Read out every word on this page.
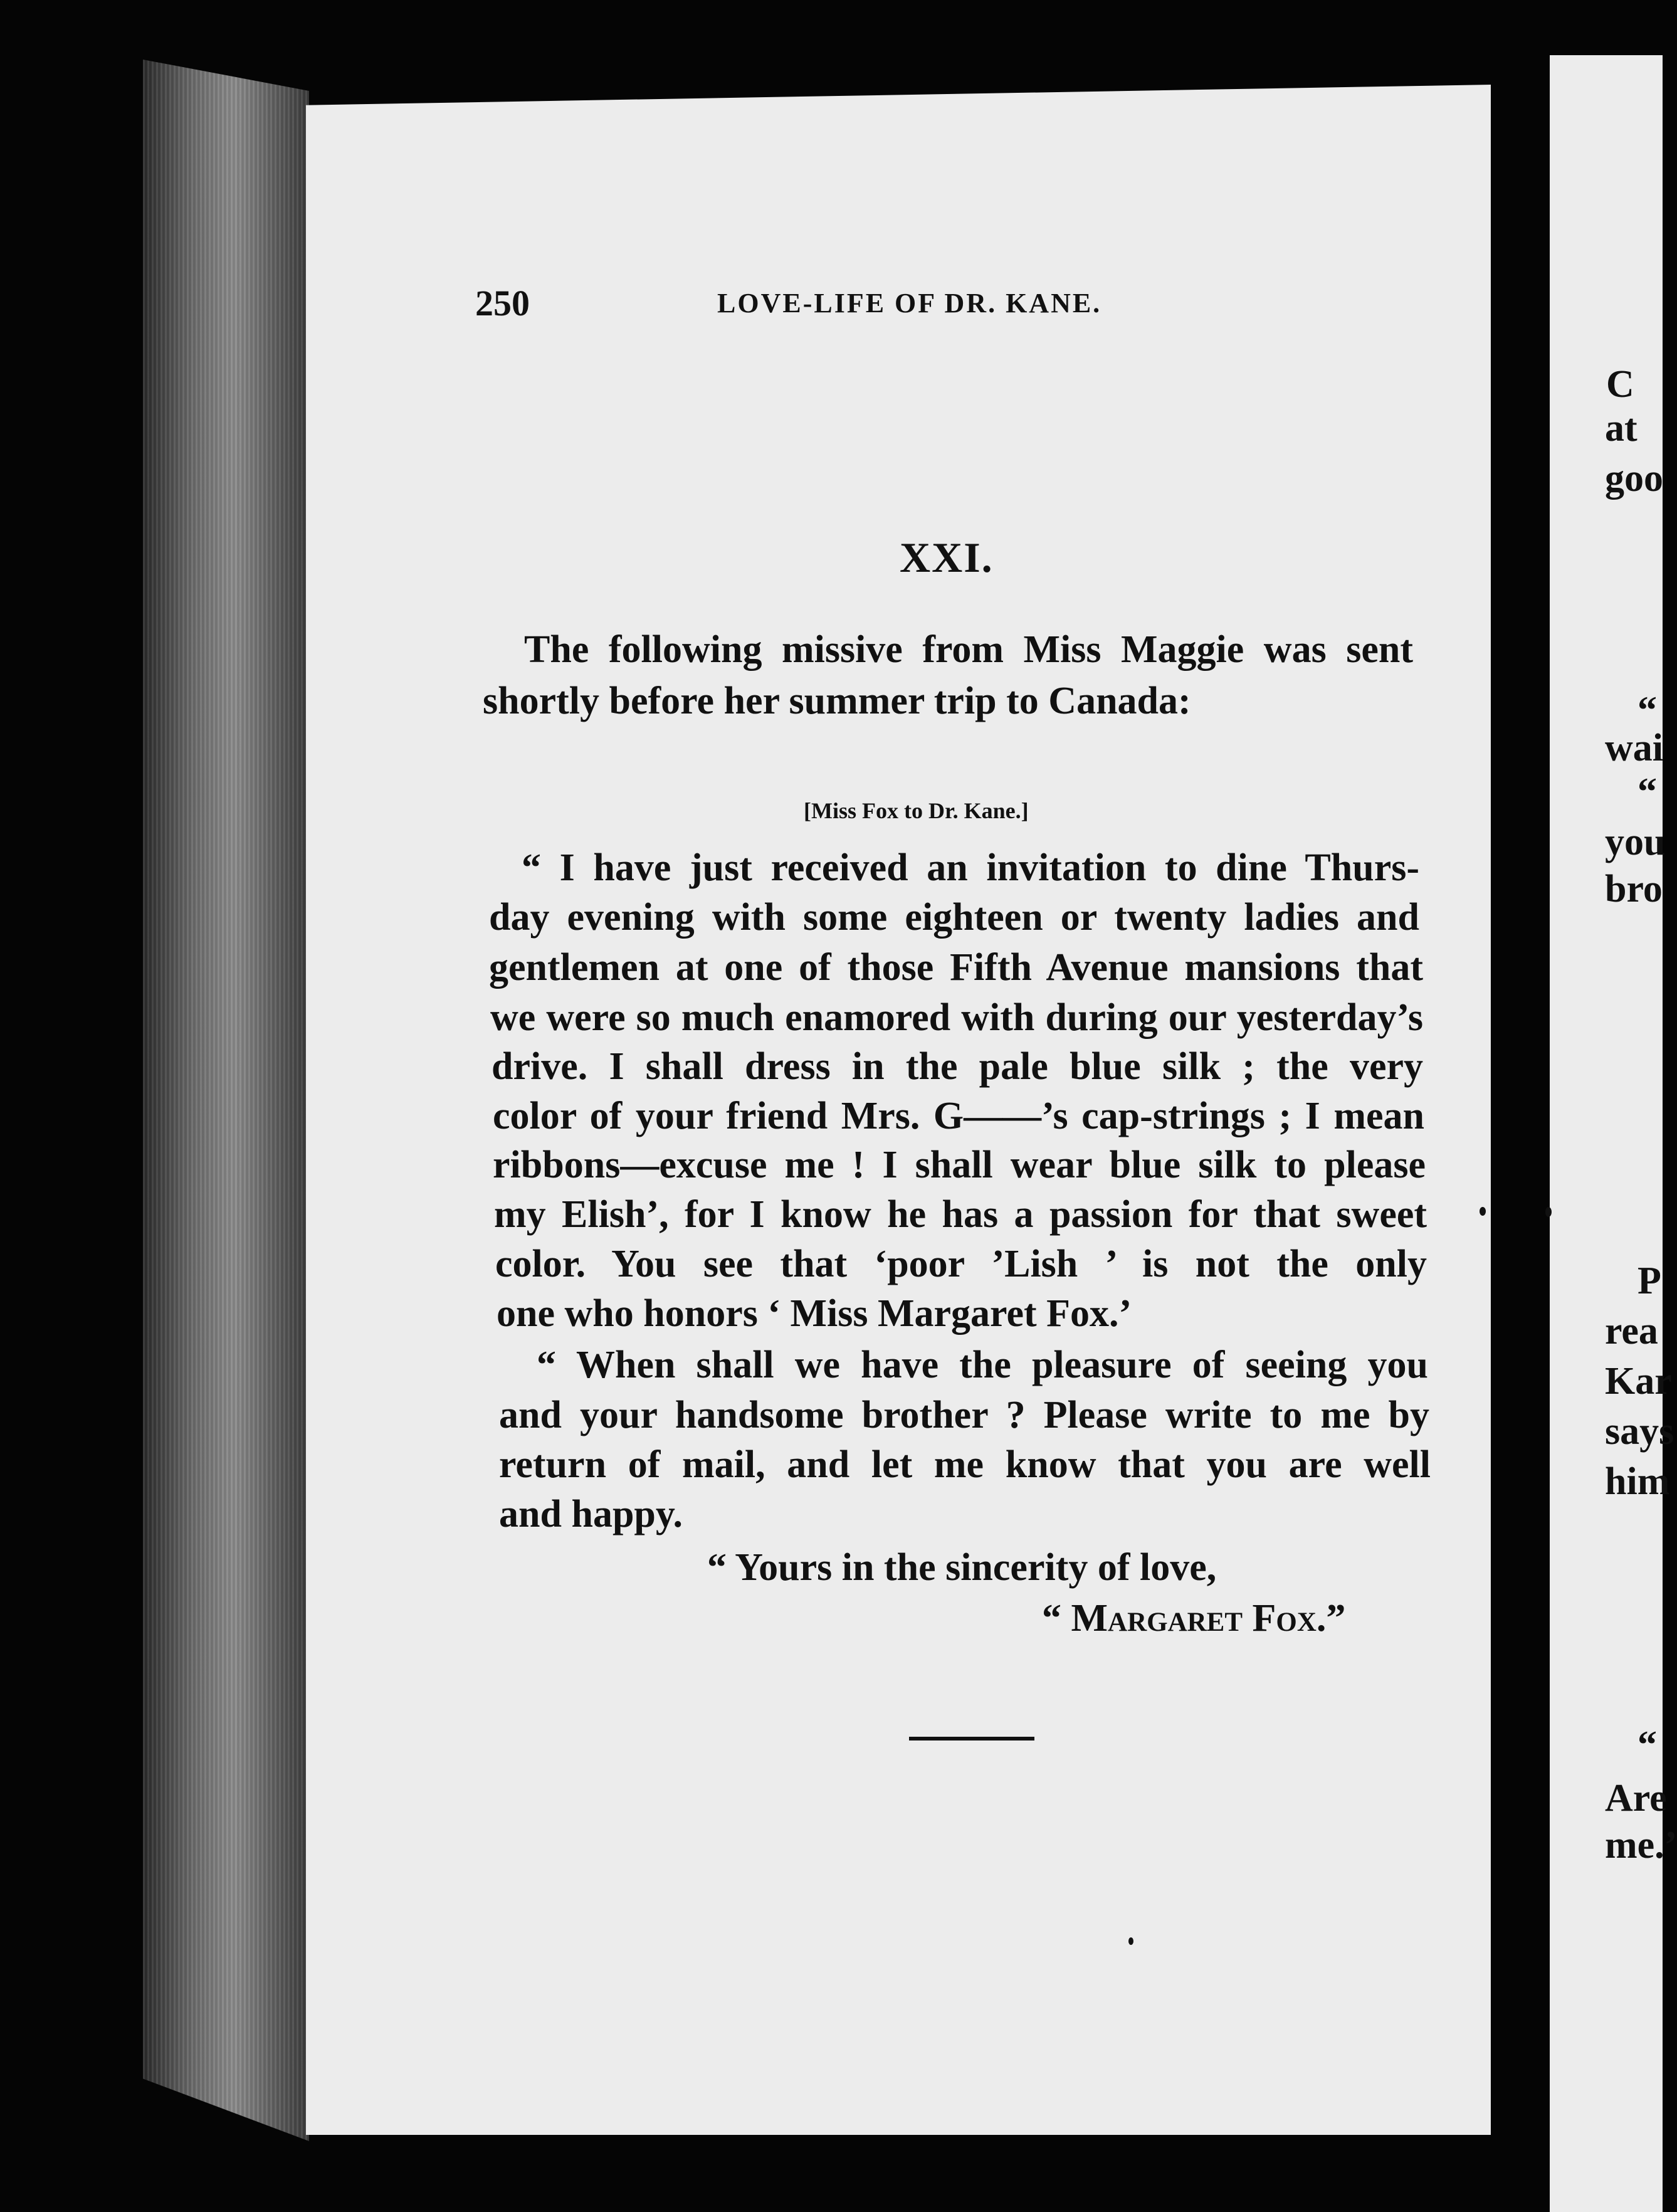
C
at
goo
“
wai
“
you
bro
P
rea
Kar
says
him
“
Are
me.’
250	LOVE-LIFE OF DR. KANE.
XXI.
The following missive from Miss Maggie was sent
shortly before her summer trip to Canada:
[Miss Fox to Dr. Kane.]
“ I have just received an invitation to dine Thurs-
day evening with some eighteen or twenty ladies and
gentlemen at one of those Fifth Avenue mansions that
we were so much enamored with during our yesterday’s
drive. I shall dress in the pale blue silk ; the very
color of your friend Mrs. G——’s cap-strings ; I mean
ribbons—excuse me ! I shall wear blue silk to please
my Elish’, for I know he has a passion for that sweet
color. You see that ‘poor ’Lish ’ is not the only
one who honors ‘ Miss Margaret Fox.’
“ When shall we have the pleasure of seeing you
and your handsome brother ? Please write to me by
return of mail, and let me know that you are well
and happy.
“ Yours in the sincerity of love,
“ Margaret Fox.”
